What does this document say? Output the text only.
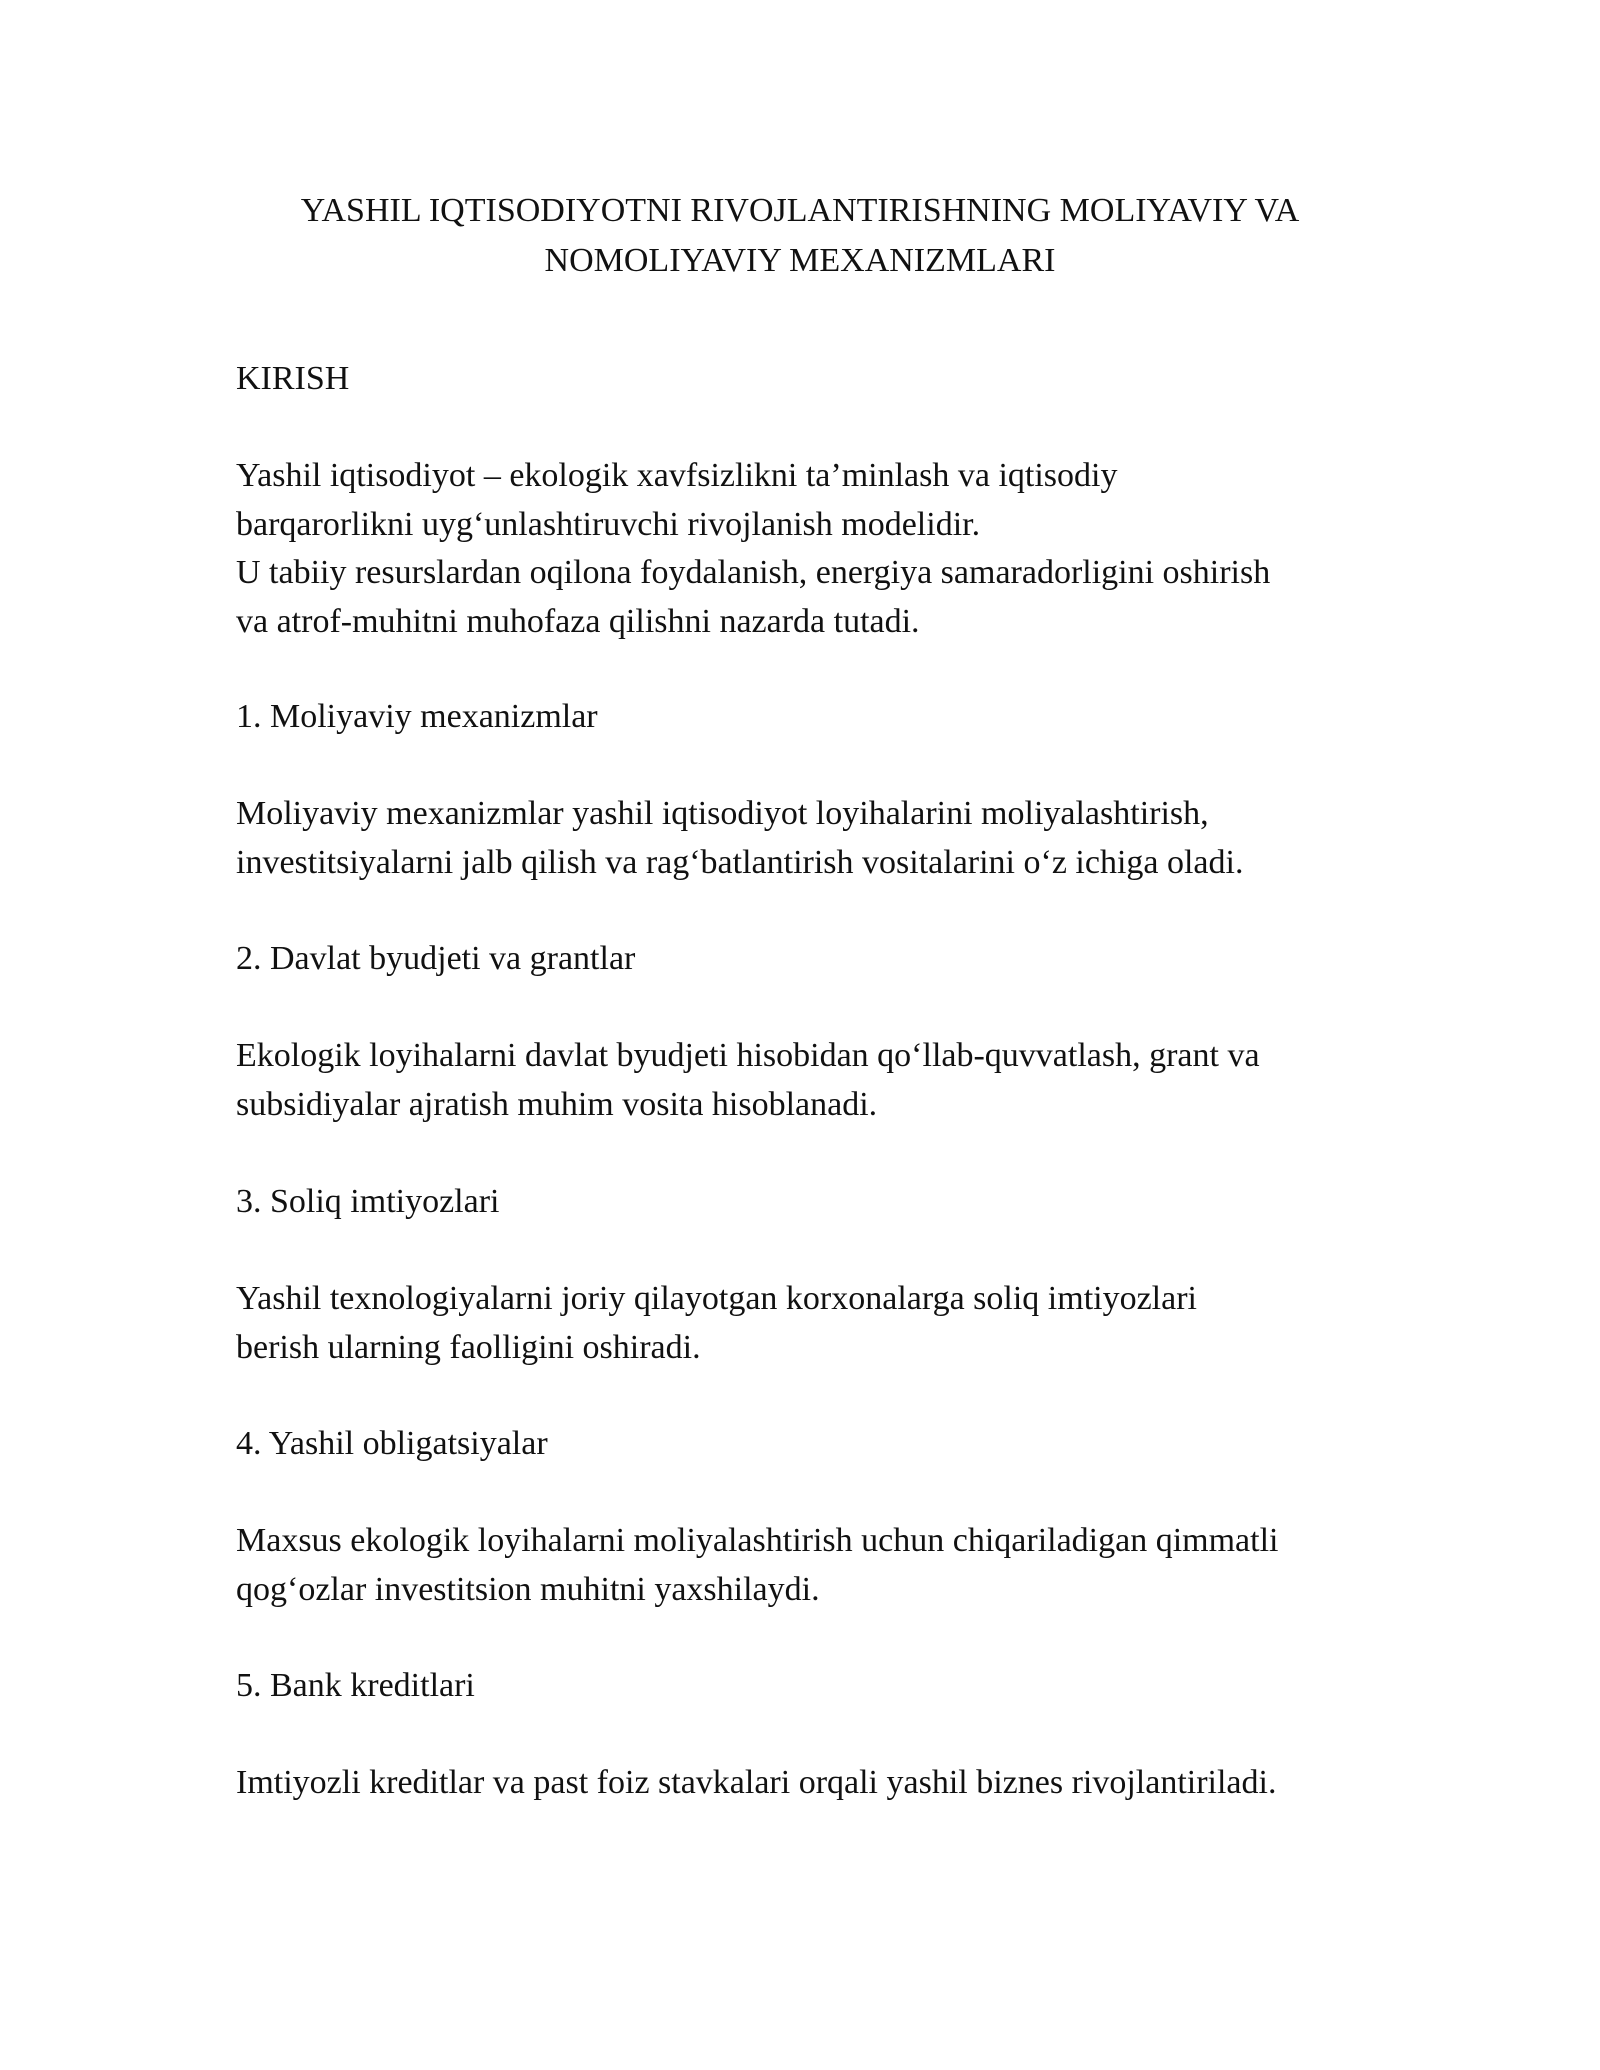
YASHIL IQTISODIYOTNI RIVOJLANTIRISHNING MOLIYAVIY VA
NOMOLIYAVIY MEXANIZMLARI

KIRISH

Yashil iqtisodiyot – ekologik xavfsizlikni ta’minlash va iqtisodiy
barqarorlikni uyg‘unlashtiruvchi rivojlanish modelidir.
U tabiiy resurslardan oqilona foydalanish, energiya samaradorligini oshirish
va atrof-muhitni muhofaza qilishni nazarda tutadi.

1. Moliyaviy mexanizmlar

Moliyaviy mexanizmlar yashil iqtisodiyot loyihalarini moliyalashtirish,
investitsiyalarni jalb qilish va rag‘batlantirish vositalarini o‘z ichiga oladi.

2. Davlat byudjeti va grantlar

Ekologik loyihalarni davlat byudjeti hisobidan qo‘llab-quvvatlash, grant va
subsidiyalar ajratish muhim vosita hisoblanadi.

3. Soliq imtiyozlari

Yashil texnologiyalarni joriy qilayotgan korxonalarga soliq imtiyozlari
berish ularning faolligini oshiradi.

4. Yashil obligatsiyalar

Maxsus ekologik loyihalarni moliyalashtirish uchun chiqariladigan qimmatli
qog‘ozlar investitsion muhitni yaxshilaydi.

5. Bank kreditlari

Imtiyozli kreditlar va past foiz stavkalari orqali yashil biznes rivojlantiriladi.
